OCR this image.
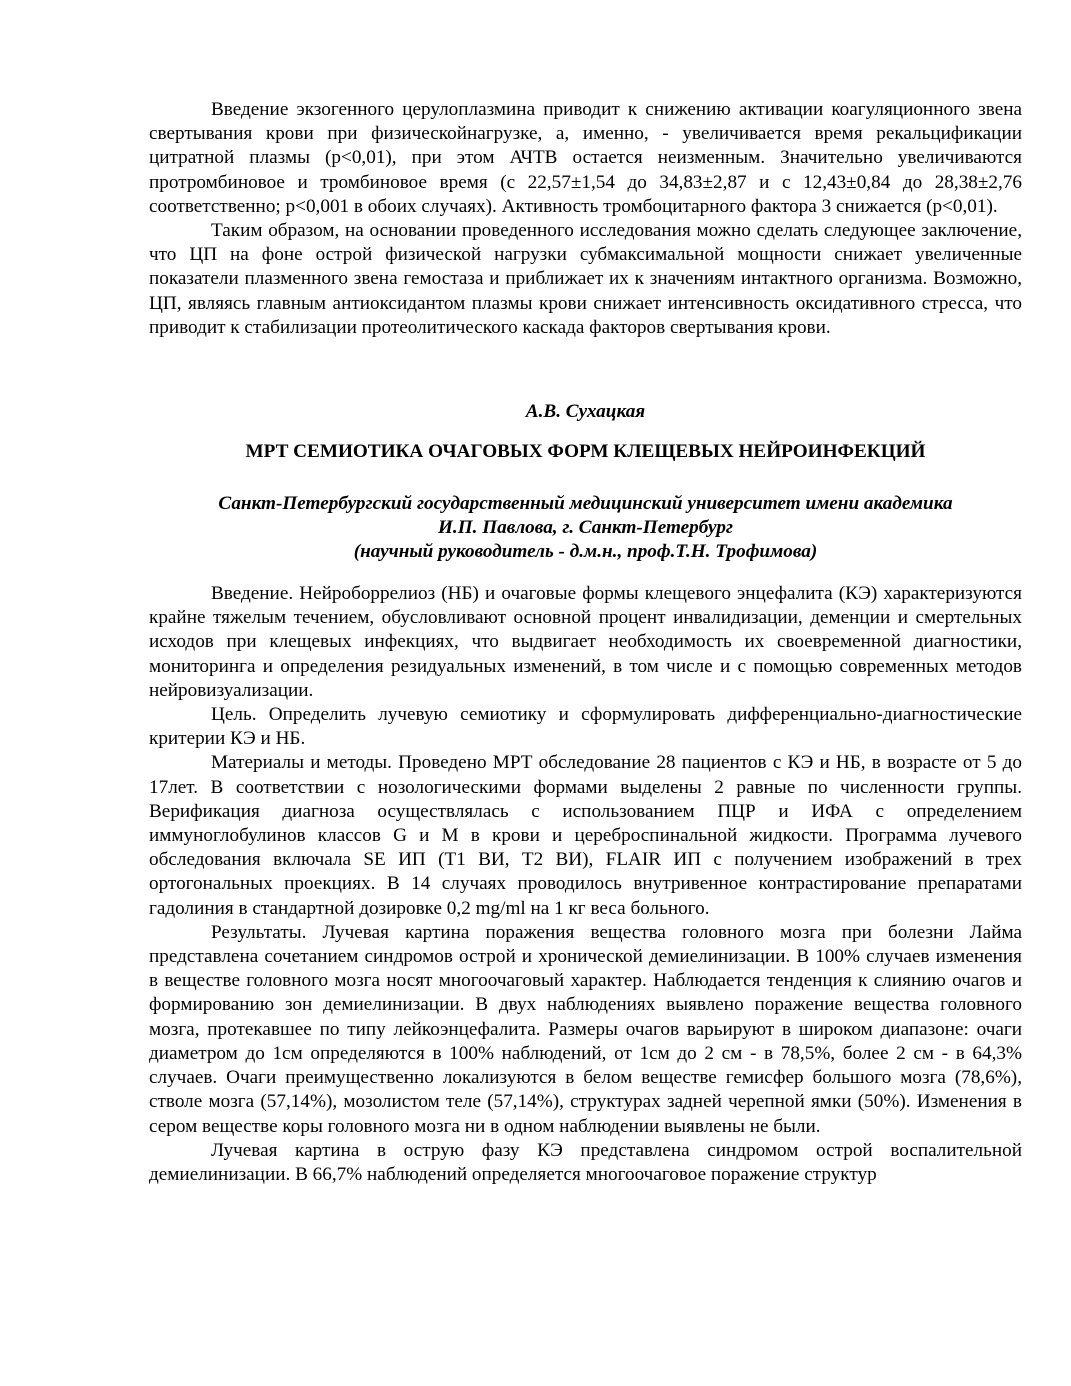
Введение экзогенного церулоплазмина приводит к снижению активации коагуляционного звена свертывания крови при физическойнагрузке, а, именно, - увеличивается время рекальцификации цитратной плазмы (p<0,01), при этом АЧТВ остается неизменным. Значительно увеличиваются протромбиновое и тромбиновое время (с 22,57±1,54 до 34,83±2,87 и с 12,43±0,84 до 28,38±2,76 соответственно; p<0,001 в обоих случаях). Активность тромбоцитарного фактора 3 снижается (p<0,01).

Таким образом, на основании проведенного исследования можно сделать следующее заключение, что ЦП на фоне острой физической нагрузки субмаксимальной мощности снижает увеличенные показатели плазменного звена гемостаза и приближает их к значениям интактного организма. Возможно, ЦП, являясь главным антиоксидантом плазмы крови снижает интенсивность оксидативного стресса, что приводит к стабилизации протеолитического каскада факторов свертывания крови.

А.В. Сухацкая
МРТ СЕМИОТИКА ОЧАГОВЫХ ФОРМ КЛЕЩЕВЫХ НЕЙРОИНФЕКЦИЙ
Санкт-Петербургский государственный медицинский университет имени академика
И.П. Павлова, г. Санкт-Петербург
(научный руководитель - д.м.н., проф.Т.Н. Трофимова)

Введение. Нейроборрелиоз (НБ) и очаговые формы клещевого энцефалита (КЭ) характеризуются крайне тяжелым течением, обусловливают основной процент инвалидизации, деменции и смертельных исходов при клещевых инфекциях, что выдвигает необходимость их своевременной диагностики, мониторинга и определения резидуальных изменений, в том числе и с помощью современных методов нейровизуализации.

Цель. Определить лучевую семиотику и сформулировать дифференциально-диагностические критерии КЭ и НБ.

Материалы и методы. Проведено МРТ обследование 28 пациентов с КЭ и НБ, в возрасте от 5 до 17лет. В соответствии с нозологическими формами выделены 2 равные по численности группы. Верификация диагноза осуществлялась с использованием ПЦР и ИФА с определением иммуноглобулинов классов G и M в крови и цереброспинальной жидкости. Программа лучевого обследования включала SE ИП (Т1 ВИ, Т2 ВИ), FLAIR ИП с получением изображений в трех ортогональных проекциях. В 14 случаях проводилось внутривенное контрастирование препаратами гадолиния в стандартной дозировке 0,2 mg/ml на 1 кг веса больного.

Результаты. Лучевая картина поражения вещества головного мозга при болезни Лайма представлена сочетанием синдромов острой и хронической демиелинизации. В 100% случаев изменения в веществе головного мозга носят многоочаговый характер. Наблюдается тенденция к слиянию очагов и формированию зон демиелинизации. В двух наблюдениях выявлено поражение вещества головного мозга, протекавшее по типу лейкоэнцефалита. Размеры очагов варьируют в широком диапазоне: очаги диаметром до 1см определяются в 100% наблюдений, от 1см до 2 см - в 78,5%, более 2 см - в 64,3% случаев. Очаги преимущественно локализуются в белом веществе гемисфер большого мозга (78,6%), стволе мозга (57,14%), мозолистом теле (57,14%), структурах задней черепной ямки (50%). Изменения в сером веществе коры головного мозга ни в одном наблюдении выявлены не были.

Лучевая картина в острую фазу КЭ представлена синдромом острой воспалительной демиелинизации. В 66,7% наблюдений определяется многоочаговое поражение структур
